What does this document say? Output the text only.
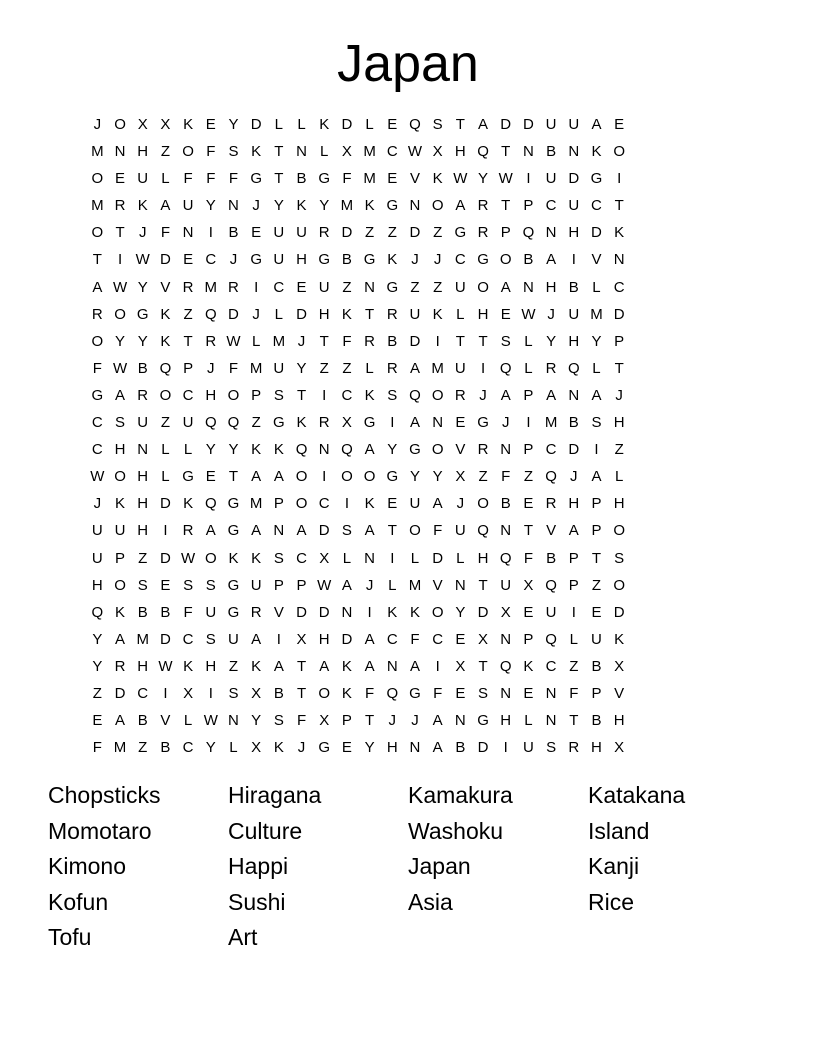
Japan
J O X X K E Y D L L K D L E Q S T A D D U U A E
M N H Z O F S K T N L X M C W X H Q T N B N K O
O E U L F F F G T B G F M E V K W Y W I	U D G I
M R K A U Y N J Y K Y M K G N O A R T P C U C T
O T J F N	I	B E U U R D Z Z D Z G R P Q N H D K
T	I W D E C J G U H G B G K J	J C G O B A	I	V N
A W Y V R M R	I	C E U Z N G Z Z U O A N H B L C
R O G K Z Q D J L D H K T R U K L H E W J U M D
O Y Y K T R W L M J T F R B D	I	T T S L Y H Y P
F W B Q P J F M U Y Z Z L R A M U	I Q L R Q L T
G A R O C H O P S T	I	C K S Q O R J A P A N A J
C S U Z U Q Q Z G K R X G I	A N E G J	I M B S H
C H N L L Y Y K K Q N Q A Y G O V R N P C D	I	Z
W O H L G E T A A O I O O G Y Y X Z F Z Q J A L
J K H D K Q G M P O C	I	K E U A J O B E R H P H
U U H	I	R A G A N A D S A T O F U Q N T V A P O
U P Z D W O K K S C X L N	I	L D L H Q F B P T S
H O S E S S G U P P W A J L M V N T U X Q P Z O
Q K B B F U G R V D D N	I	K K O Y D X E U	I	E D
Y A M D C S U A	I	X H D A C F C E X N P Q L U K
Y R H W K H Z K A T A K A N A	I	X T Q K C Z B X
Z D C	I	X	I	S X B T O K F Q G F E S N E N F P V
E A B V L W N Y S F X P T J	J A N G H L N T B H
F M Z B C Y L X K J G E Y H N A B D	I	U S R H X
Chopsticks	Hiragana	Kamakura	Katakana
Momotaro	Culture	Washoku	Island
Kimono	Happi	Japan	Kanji
Kofun	Sushi	Asia	Rice
Tofu	Art
